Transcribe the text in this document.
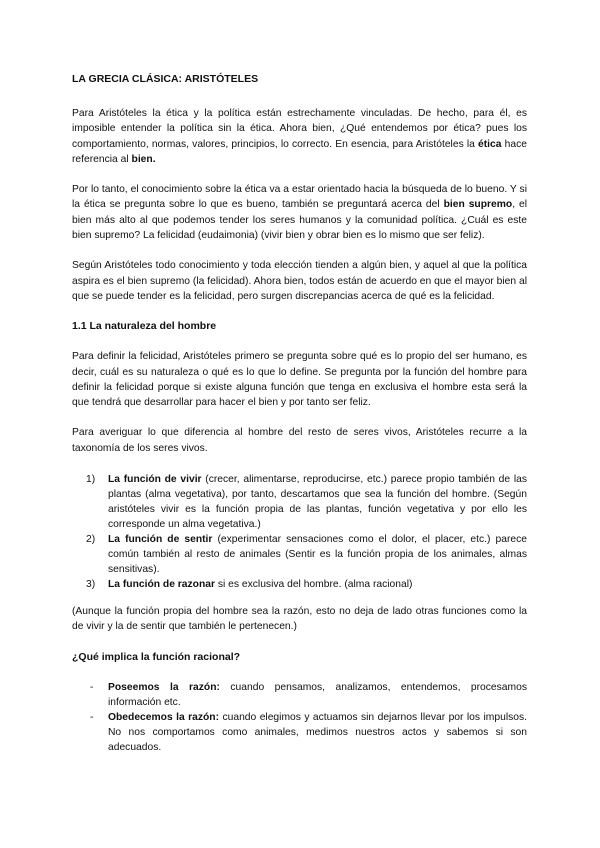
LA GRECIA CLÁSICA: ARISTÓTELES

Para Aristóteles la ética y la política están estrechamente vinculadas. De hecho, para él, es imposible entender la política sin la ética. Ahora bien, ¿Qué entendemos por ética? pues los comportamiento, normas, valores, principios, lo correcto. En esencia, para Aristóteles la ética hace referencia al bien.

Por lo tanto, el conocimiento sobre la ética va a estar orientado hacia la búsqueda de lo bueno. Y si la ética se pregunta sobre lo que es bueno, también se preguntará acerca del bien supremo, el bien más alto al que podemos tender los seres humanos y la comunidad política. ¿Cuál es este bien supremo? La felicidad (eudaimonia) (vivir bien y obrar bien es lo mismo que ser feliz).

Según Aristóteles todo conocimiento y toda elección tienden a algún bien, y aquel al que la política aspira es el bien supremo (la felicidad). Ahora bien, todos están de acuerdo en que el mayor bien al que se puede tender es la felicidad, pero surgen discrepancias acerca de qué es la felicidad.

1.1 La naturaleza del hombre

Para definir la felicidad, Aristóteles primero se pregunta sobre qué es lo propio del ser humano, es decir, cuál es su naturaleza o qué es lo que lo define. Se pregunta por la función del hombre para definir la felicidad porque si existe alguna función que tenga en exclusiva el hombre esta será la que tendrá que desarrollar para hacer el bien y por tanto ser feliz.

Para averiguar lo que diferencia al hombre del resto de seres vivos, Aristóteles recurre a la taxonomía de los seres vivos.

1) La función de vivir (crecer, alimentarse, reproducirse, etc.) parece propio también de las plantas (alma vegetativa), por tanto, descartamos que sea la función del hombre. (Según aristóteles vivir es la función propia de las plantas, función vegetativa y por ello les corresponde un alma vegetativa.)
2) La función de sentir (experimentar sensaciones como el dolor, el placer, etc.) parece común también al resto de animales (Sentir es la función propia de los animales, almas sensitivas).
3) La función de razonar si es exclusiva del hombre. (alma racional)

(Aunque la función propia del hombre sea la razón, esto no deja de lado otras funciones como la de vivir y la de sentir que también le pertenecen.)

¿Qué implica la función racional?
- Poseemos la razón: cuando pensamos, analizamos, entendemos, procesamos información etc.
- Obedecemos la razón: cuando elegimos y actuamos sin dejarnos llevar por los impulsos. No nos comportamos como animales, medimos nuestros actos y sabemos si son adecuados.
